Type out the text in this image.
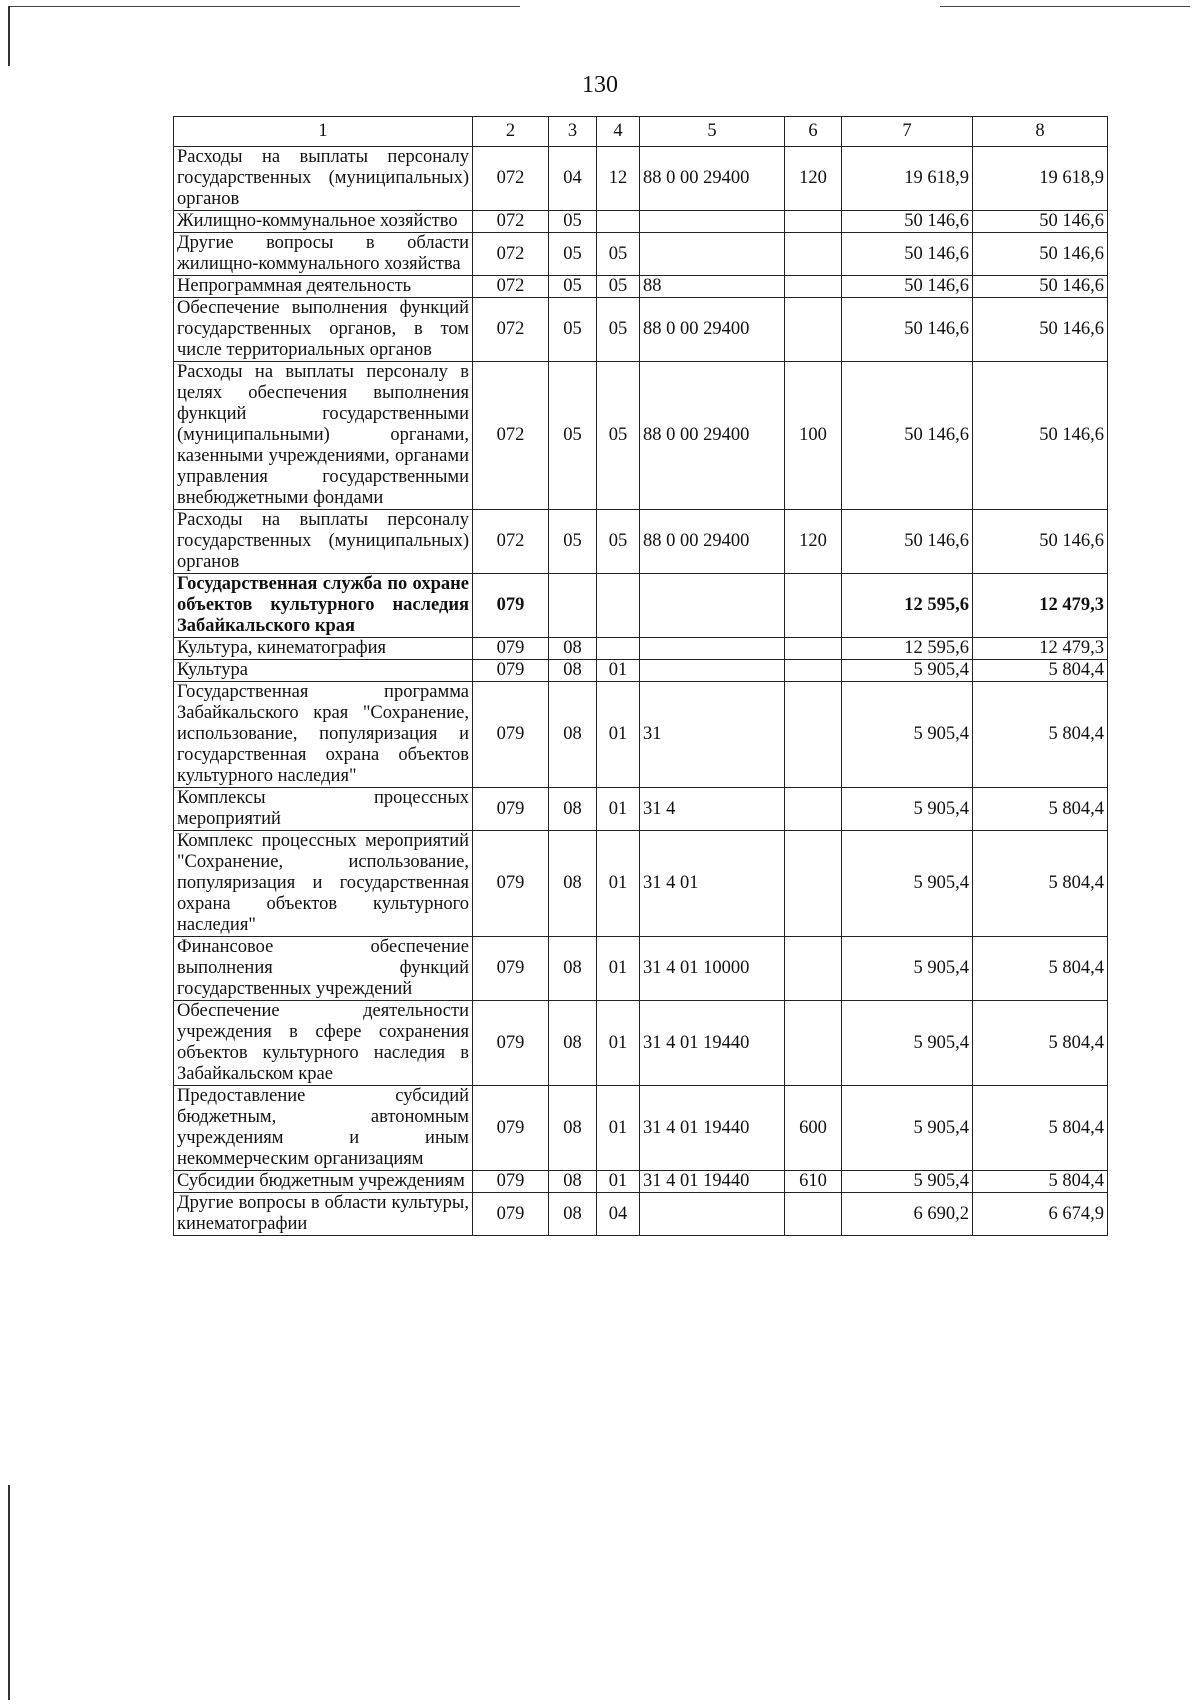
130
1	2	3	4	5	6	7	8
Расходы на выплаты персоналу государственных (муниципальных) органов	072	04	12	88 0 00 29400	120	19 618,9	19 618,9
Жилищно-коммунальное хозяйство	072	05				50 146,6	50 146,6
Другие вопросы в области жилищно-коммунального хозяйства	072	05	05			50 146,6	50 146,6
Непрограммная деятельность	072	05	05	88		50 146,6	50 146,6
Обеспечение выполнения функций государственных органов, в том числе территориальных органов	072	05	05	88 0 00 29400		50 146,6	50 146,6
Расходы на выплаты персоналу в целях обеспечения выполнения функций государственными (муниципальными) органами, казенными учреждениями, органами управления государственными внебюджетными фондами	072	05	05	88 0 00 29400	100	50 146,6	50 146,6
Расходы на выплаты персоналу государственных (муниципальных) органов	072	05	05	88 0 00 29400	120	50 146,6	50 146,6
Государственная служба по охране объектов культурного наследия Забайкальского края	079					12 595,6	12 479,3
Культура, кинематография	079	08				12 595,6	12 479,3
Культура	079	08	01			5 905,4	5 804,4
Государственная программа Забайкальского края "Сохранение, использование, популяризация и государственная охрана объектов культурного наследия"	079	08	01	31		5 905,4	5 804,4
Комплексы процессных мероприятий	079	08	01	31 4		5 905,4	5 804,4
Комплекс процессных мероприятий "Сохранение, использование, популяризация и государственная охрана объектов культурного наследия"	079	08	01	31 4 01		5 905,4	5 804,4
Финансовое обеспечение выполнения функций государственных учреждений	079	08	01	31 4 01 10000		5 905,4	5 804,4
Обеспечение деятельности учреждения в сфере сохранения объектов культурного наследия в Забайкальском крае	079	08	01	31 4 01 19440		5 905,4	5 804,4
Предоставление субсидий бюджетным, автономным учреждениям и иным некоммерческим организациям	079	08	01	31 4 01 19440	600	5 905,4	5 804,4
Субсидии бюджетным учреждениям	079	08	01	31 4 01 19440	610	5 905,4	5 804,4
Другие вопросы в области культуры, кинематографии	079	08	04			6 690,2	6 674,9
